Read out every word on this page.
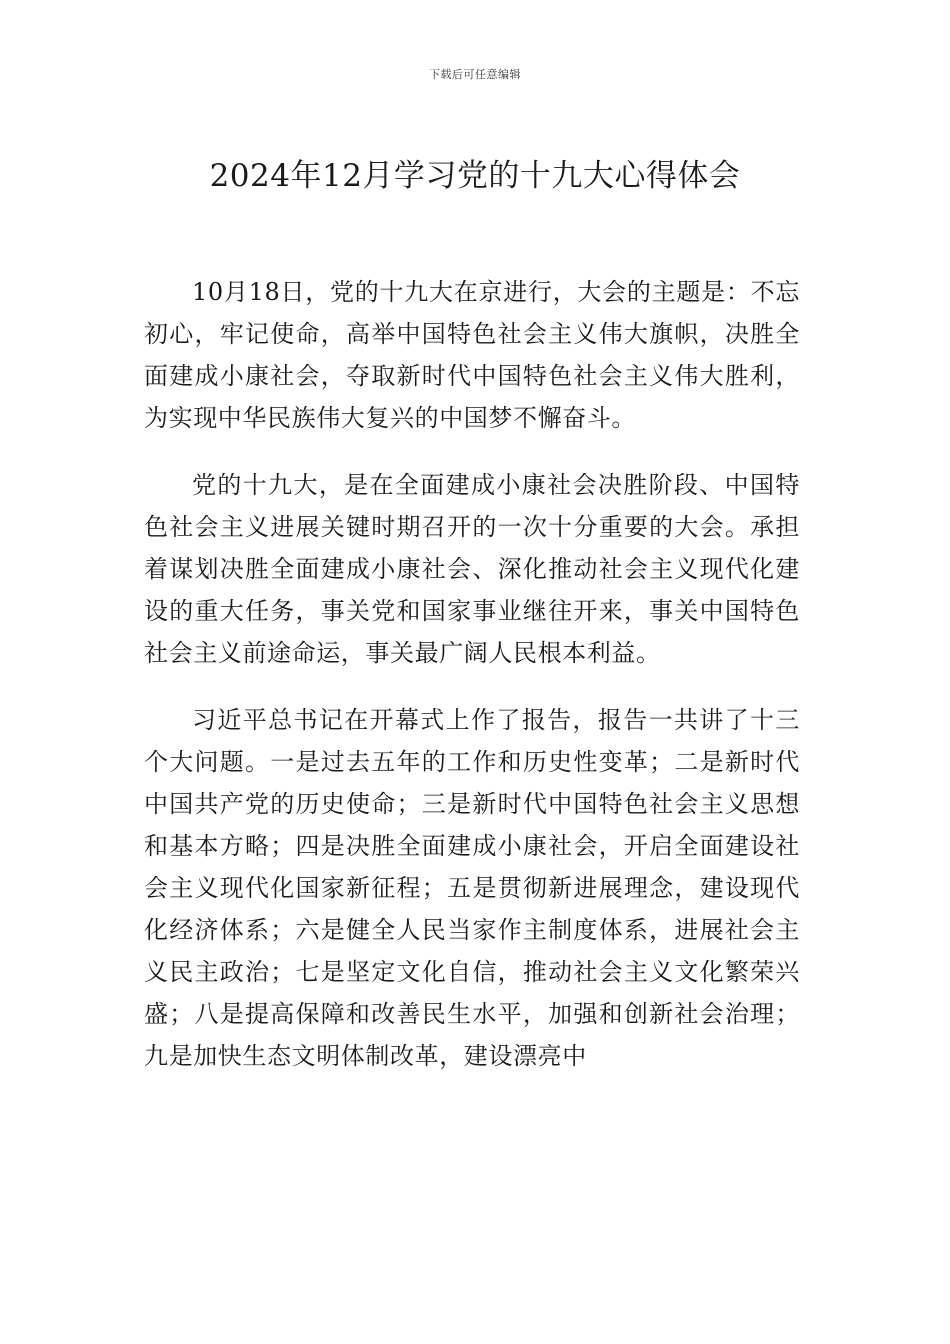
下载后可任意编辑
2024年12月学习党的十九大心得体会

10月18日，党的十九大在京进行，大会的主题是：不忘初心，牢记使命，高举中国特色社会主义伟大旗帜，决胜全面建成小康社会，夺取新时代中国特色社会主义伟大胜利，为实现中华民族伟大复兴的中国梦不懈奋斗。

党的十九大，是在全面建成小康社会决胜阶段、中国特色社会主义进展关键时期召开的一次十分重要的大会。承担着谋划决胜全面建成小康社会、深化推动社会主义现代化建设的重大任务，事关党和国家事业继往开来，事关中国特色社会主义前途命运，事关最广阔人民根本利益。

习近平总书记在开幕式上作了报告，报告一共讲了十三个大问题。一是过去五年的工作和历史性变革；二是新时代中国共产党的历史使命；三是新时代中国特色社会主义思想和基本方略；四是决胜全面建成小康社会，开启全面建设社会主义现代化国家新征程；五是贯彻新进展理念，建设现代化经济体系；六是健全人民当家作主制度体系，进展社会主义民主政治；七是坚定文化自信，推动社会主义文化繁荣兴盛；八是提高保障和改善民生水平，加强和创新社会治理；九是加快生态文明体制改革，建设漂亮中
